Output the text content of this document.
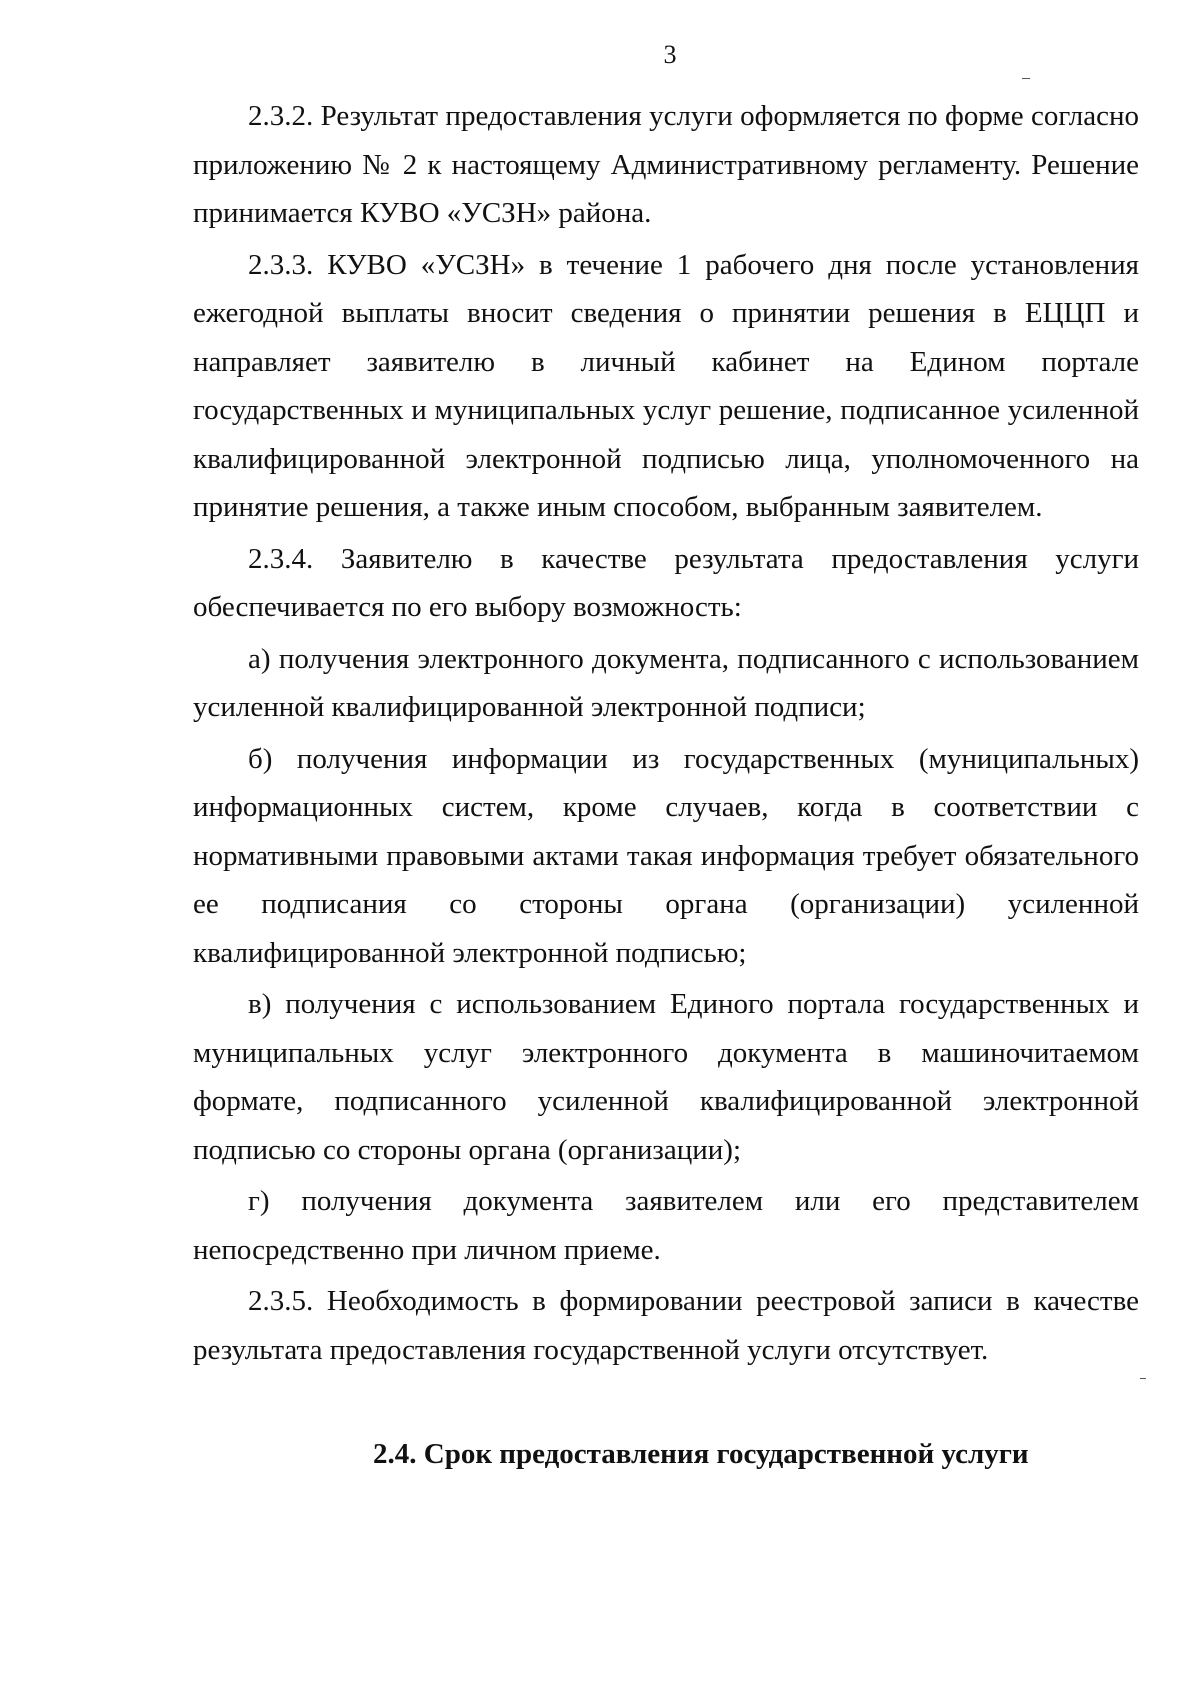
3

2.3.2. Результат предоставления услуги оформляется по форме согласно приложению № 2 к настоящему Административному регламенту. Решение принимается КУВО «УСЗН» района.

2.3.3. КУВО «УСЗН» в течение 1 рабочего дня после установления ежегодной выплаты вносит сведения о принятии решения в ЕЦЦП и направляет заявителю в личный кабинет на Едином портале государственных и муниципальных услуг решение, подписанное усиленной квалифицированной электронной подписью лица, уполномоченного на принятие решения, а также иным способом, выбранным заявителем.

2.3.4. Заявителю в качестве результата предоставления услуги обеспечивается по его выбору возможность:

а) получения электронного документа, подписанного с использованием усиленной квалифицированной электронной подписи;

б) получения информации из государственных (муниципальных) информационных систем, кроме случаев, когда в соответствии с нормативными правовыми актами такая информация требует обязательного ее подписания со стороны органа (организации) усиленной квалифицированной электронной подписью;

в) получения с использованием Единого портала государственных и муниципальных услуг электронного документа в машиночитаемом формате, подписанного усиленной квалифицированной электронной подписью со стороны органа (организации);

г) получения документа заявителем или его представителем непосредственно при личном приеме.

2.3.5. Необходимость в формировании реестровой записи в качестве результата предоставления государственной услуги отсутствует.

2.4. Срок предоставления государственной услуги
